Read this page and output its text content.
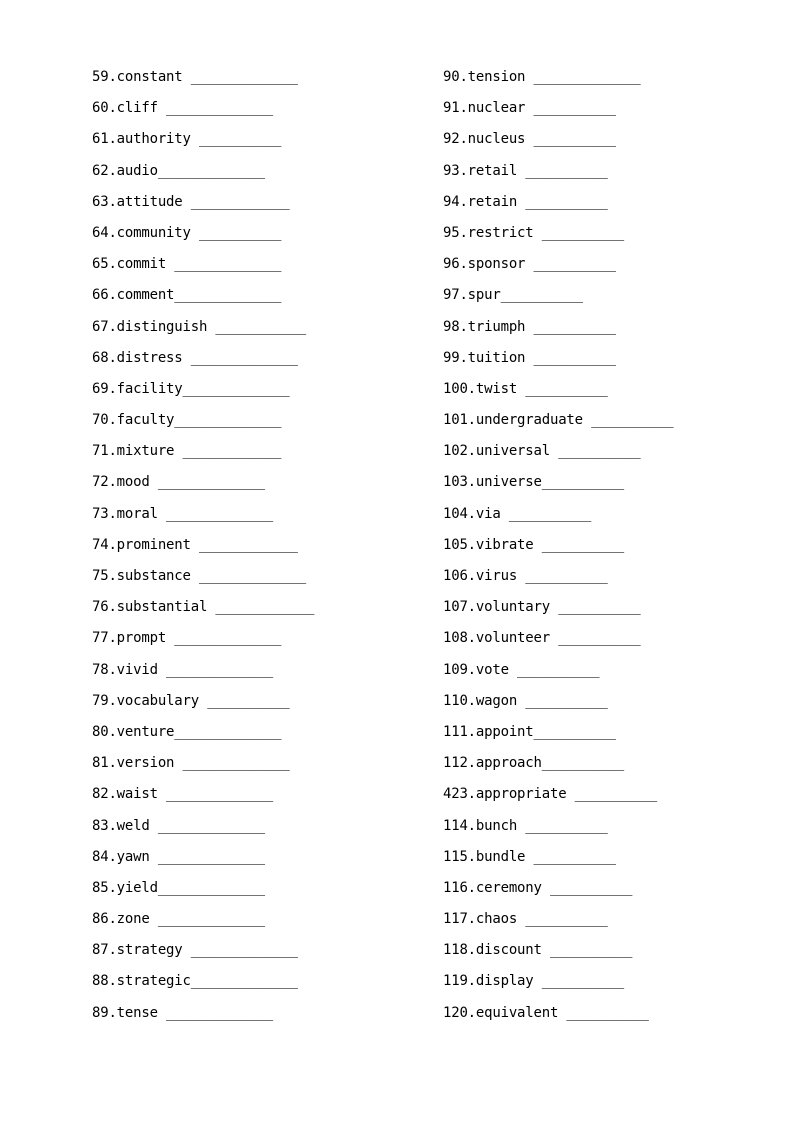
59.constant _____________
60.cliff _____________
61.authority __________
62.audio_____________
63.attitude ____________
64.community __________
65.commit _____________
66.comment_____________
67.distinguish ___________
68.distress _____________
69.facility_____________
70.faculty_____________
71.mixture ____________
72.mood _____________
73.moral _____________
74.prominent ____________
75.substance _____________
76.substantial ____________
77.prompt _____________
78.vivid _____________
79.vocabulary __________
80.venture_____________
81.version _____________
82.waist _____________
83.weld _____________
84.yawn _____________
85.yield_____________
86.zone _____________
87.strategy _____________
88.strategic_____________
89.tense _____________
90.tension _____________
91.nuclear __________
92.nucleus __________
93.retail __________
94.retain __________
95.restrict __________
96.sponsor __________
97.spur__________
98.triumph __________
99.tuition __________
100.twist __________
101.undergraduate __________
102.universal __________
103.universe__________
104.via __________
105.vibrate __________
106.virus __________
107.voluntary __________
108.volunteer __________
109.vote __________
110.wagon __________
111.appoint__________
112.approach__________
423.appropriate __________
114.bunch __________
115.bundle __________
116.ceremony __________
117.chaos __________
118.discount __________
119.display __________
120.equivalent __________
